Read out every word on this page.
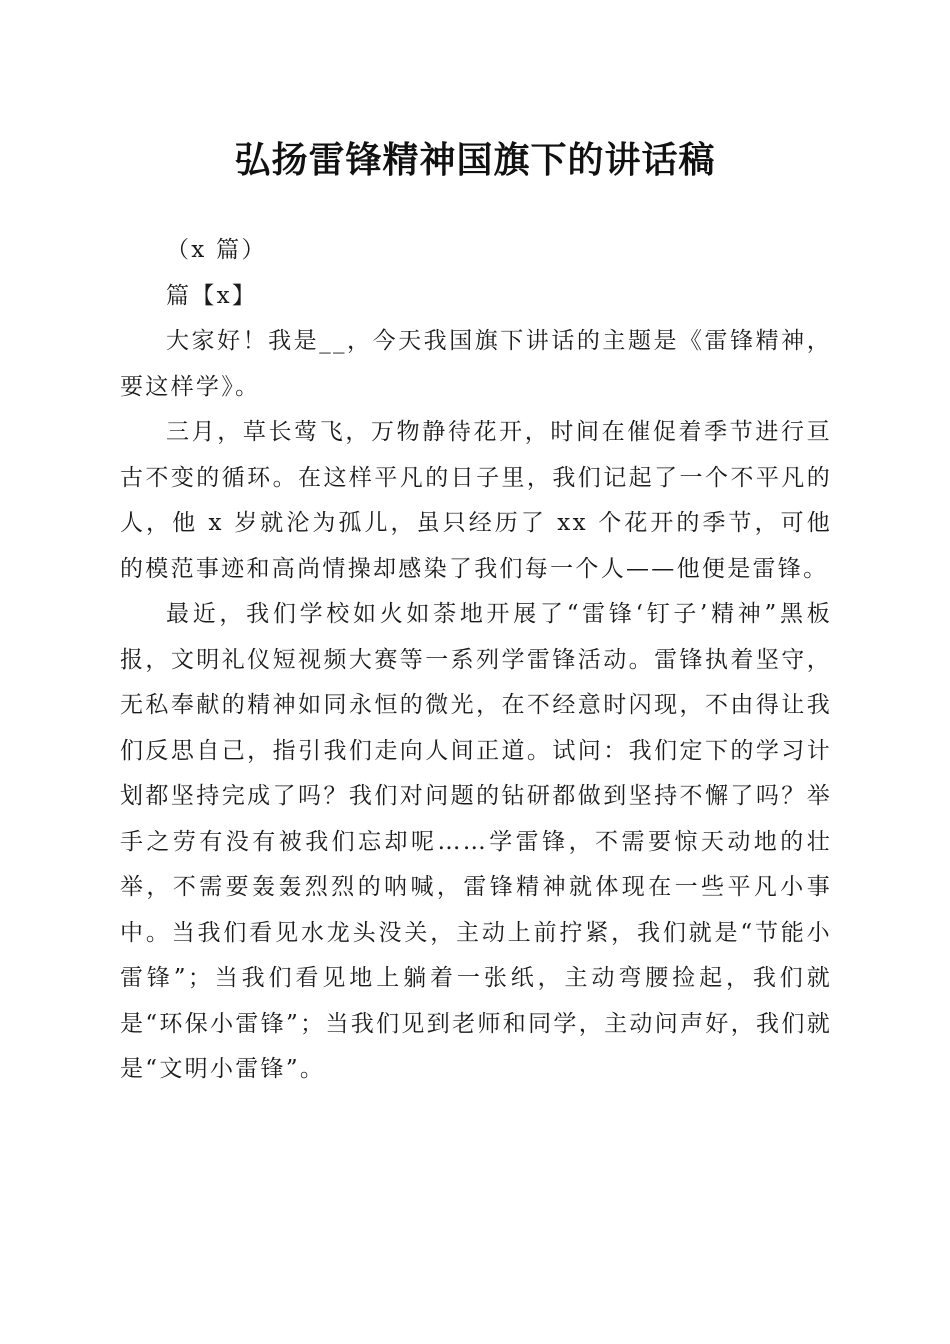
弘扬雷锋精神国旗下的讲话稿

（x 篇）

篇【x】

大家好！我是__，今天我国旗下讲话的主题是《雷锋精神，要这样学》。

三月，草长莺飞，万物静待花开，时间在催促着季节进行亘古不变的循环。在这样平凡的日子里，我们记起了一个不平凡的人，他 x 岁就沦为孤儿，虽只经历了 xx 个花开的季节，可他的模范事迹和高尚情操却感染了我们每一个人——他便是雷锋。

最近，我们学校如火如荼地开展了“雷锋‘钉子’精神”黑板报，文明礼仪短视频大赛等一系列学雷锋活动。雷锋执着坚守，无私奉献的精神如同永恒的微光，在不经意时闪现，不由得让我们反思自己，指引我们走向人间正道。试问：我们定下的学习计划都坚持完成了吗？我们对问题的钻研都做到坚持不懈了吗？举手之劳有没有被我们忘却呢……学雷锋，不需要惊天动地的壮举，不需要轰轰烈烈的呐喊，雷锋精神就体现在一些平凡小事中。当我们看见水龙头没关，主动上前拧紧，我们就是“节能小雷锋”；当我们看见地上躺着一张纸，主动弯腰捡起，我们就是“环保小雷锋”；当我们见到老师和同学，主动问声好，我们就是“文明小雷锋”。
